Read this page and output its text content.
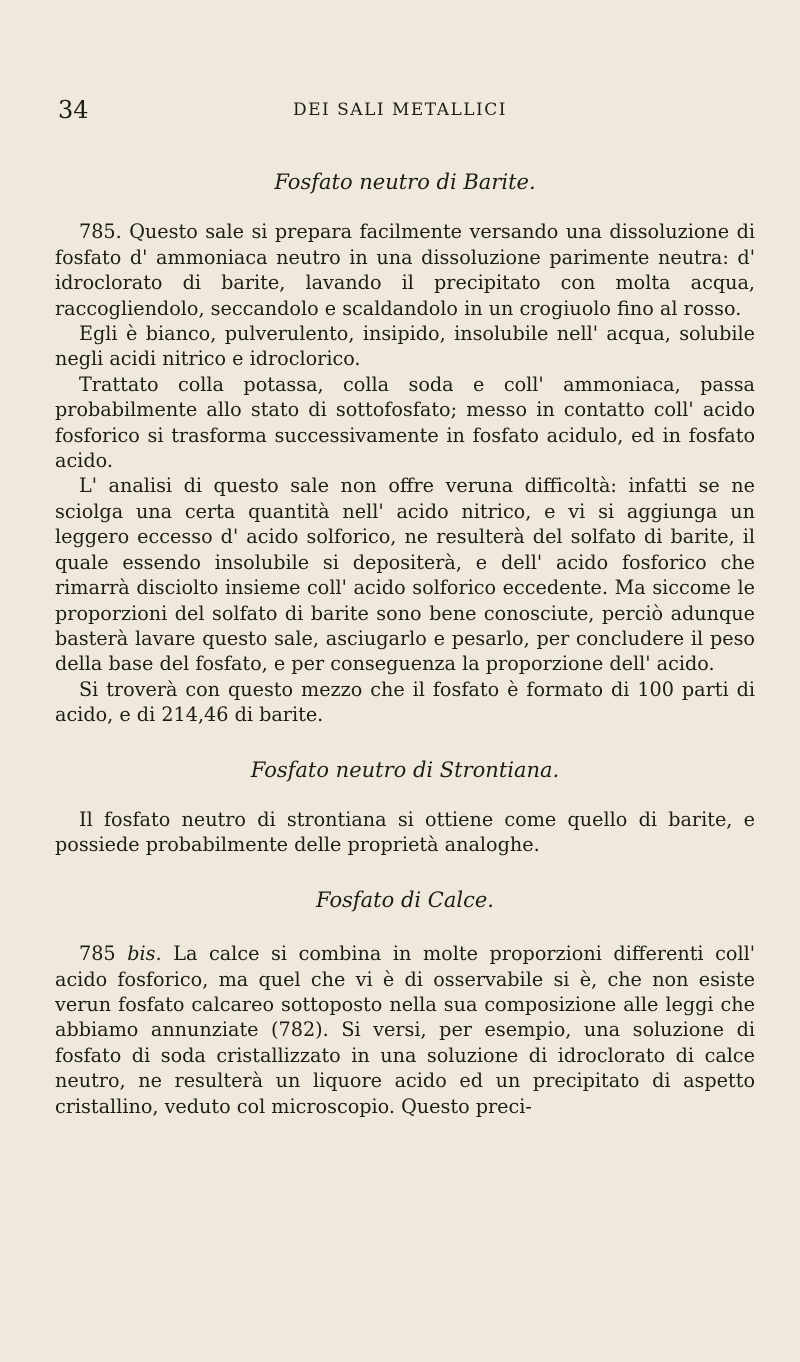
34	DEI SALI METALLICI
Fosfato neutro di Barite.

785. Questo sale si prepara facilmente versando una dissoluzione di fosfato d' ammoniaca neutro in una dissoluzione parimente neutra: d' idroclorato di barite, lavando il precipitato con molta acqua, raccogliendolo, seccandolo e scaldandolo in un crogiuolo fino al rosso.

Egli è bianco, pulverulento, insipido, insolubile nell' acqua, solubile negli acidi nitrico e idroclorico.

Trattato colla potassa, colla soda e coll' ammoniaca, passa probabilmente allo stato di sottofosfato; messo in contatto coll' acido fosforico si trasforma successivamente in fosfato acidulo, ed in fosfato acido.

L' analisi di questo sale non offre veruna difficoltà: infatti se ne sciolga una certa quantità nell' acido nitrico, e vi si aggiunga un leggero eccesso d' acido solforico, ne resulterà del solfato di barite, il quale essendo insolubile si depositerà, e dell' acido fosforico che rimarrà disciolto insieme coll' acido solforico eccedente. Ma siccome le proporzioni del solfato di barite sono bene conosciute, perciò adunque basterà lavare questo sale, asciugarlo e pesarlo, per concludere il peso della base del fosfato, e per conseguenza la proporzione dell' acido.

Si troverà con questo mezzo che il fosfato è formato di 100 parti di acido, e di 214,46 di barite.

Fosfato neutro di Strontiana.

Il fosfato neutro di strontiana si ottiene come quello di barite, e possiede probabilmente delle proprietà analoghe.

Fosfato di Calce.

785 bis. La calce si combina in molte proporzioni differenti coll' acido fosforico, ma quel che vi è di osservabile si è, che non esiste verun fosfato calcareo sottoposto nella sua composizione alle leggi che abbiamo annunziate (782). Si versi, per esempio, una soluzione di fosfato di soda cristallizzato in una soluzione di idroclorato di calce neutro, ne resulterà un liquore acido ed un precipitato di aspetto cristallino, veduto col microscopio. Questo preci-
